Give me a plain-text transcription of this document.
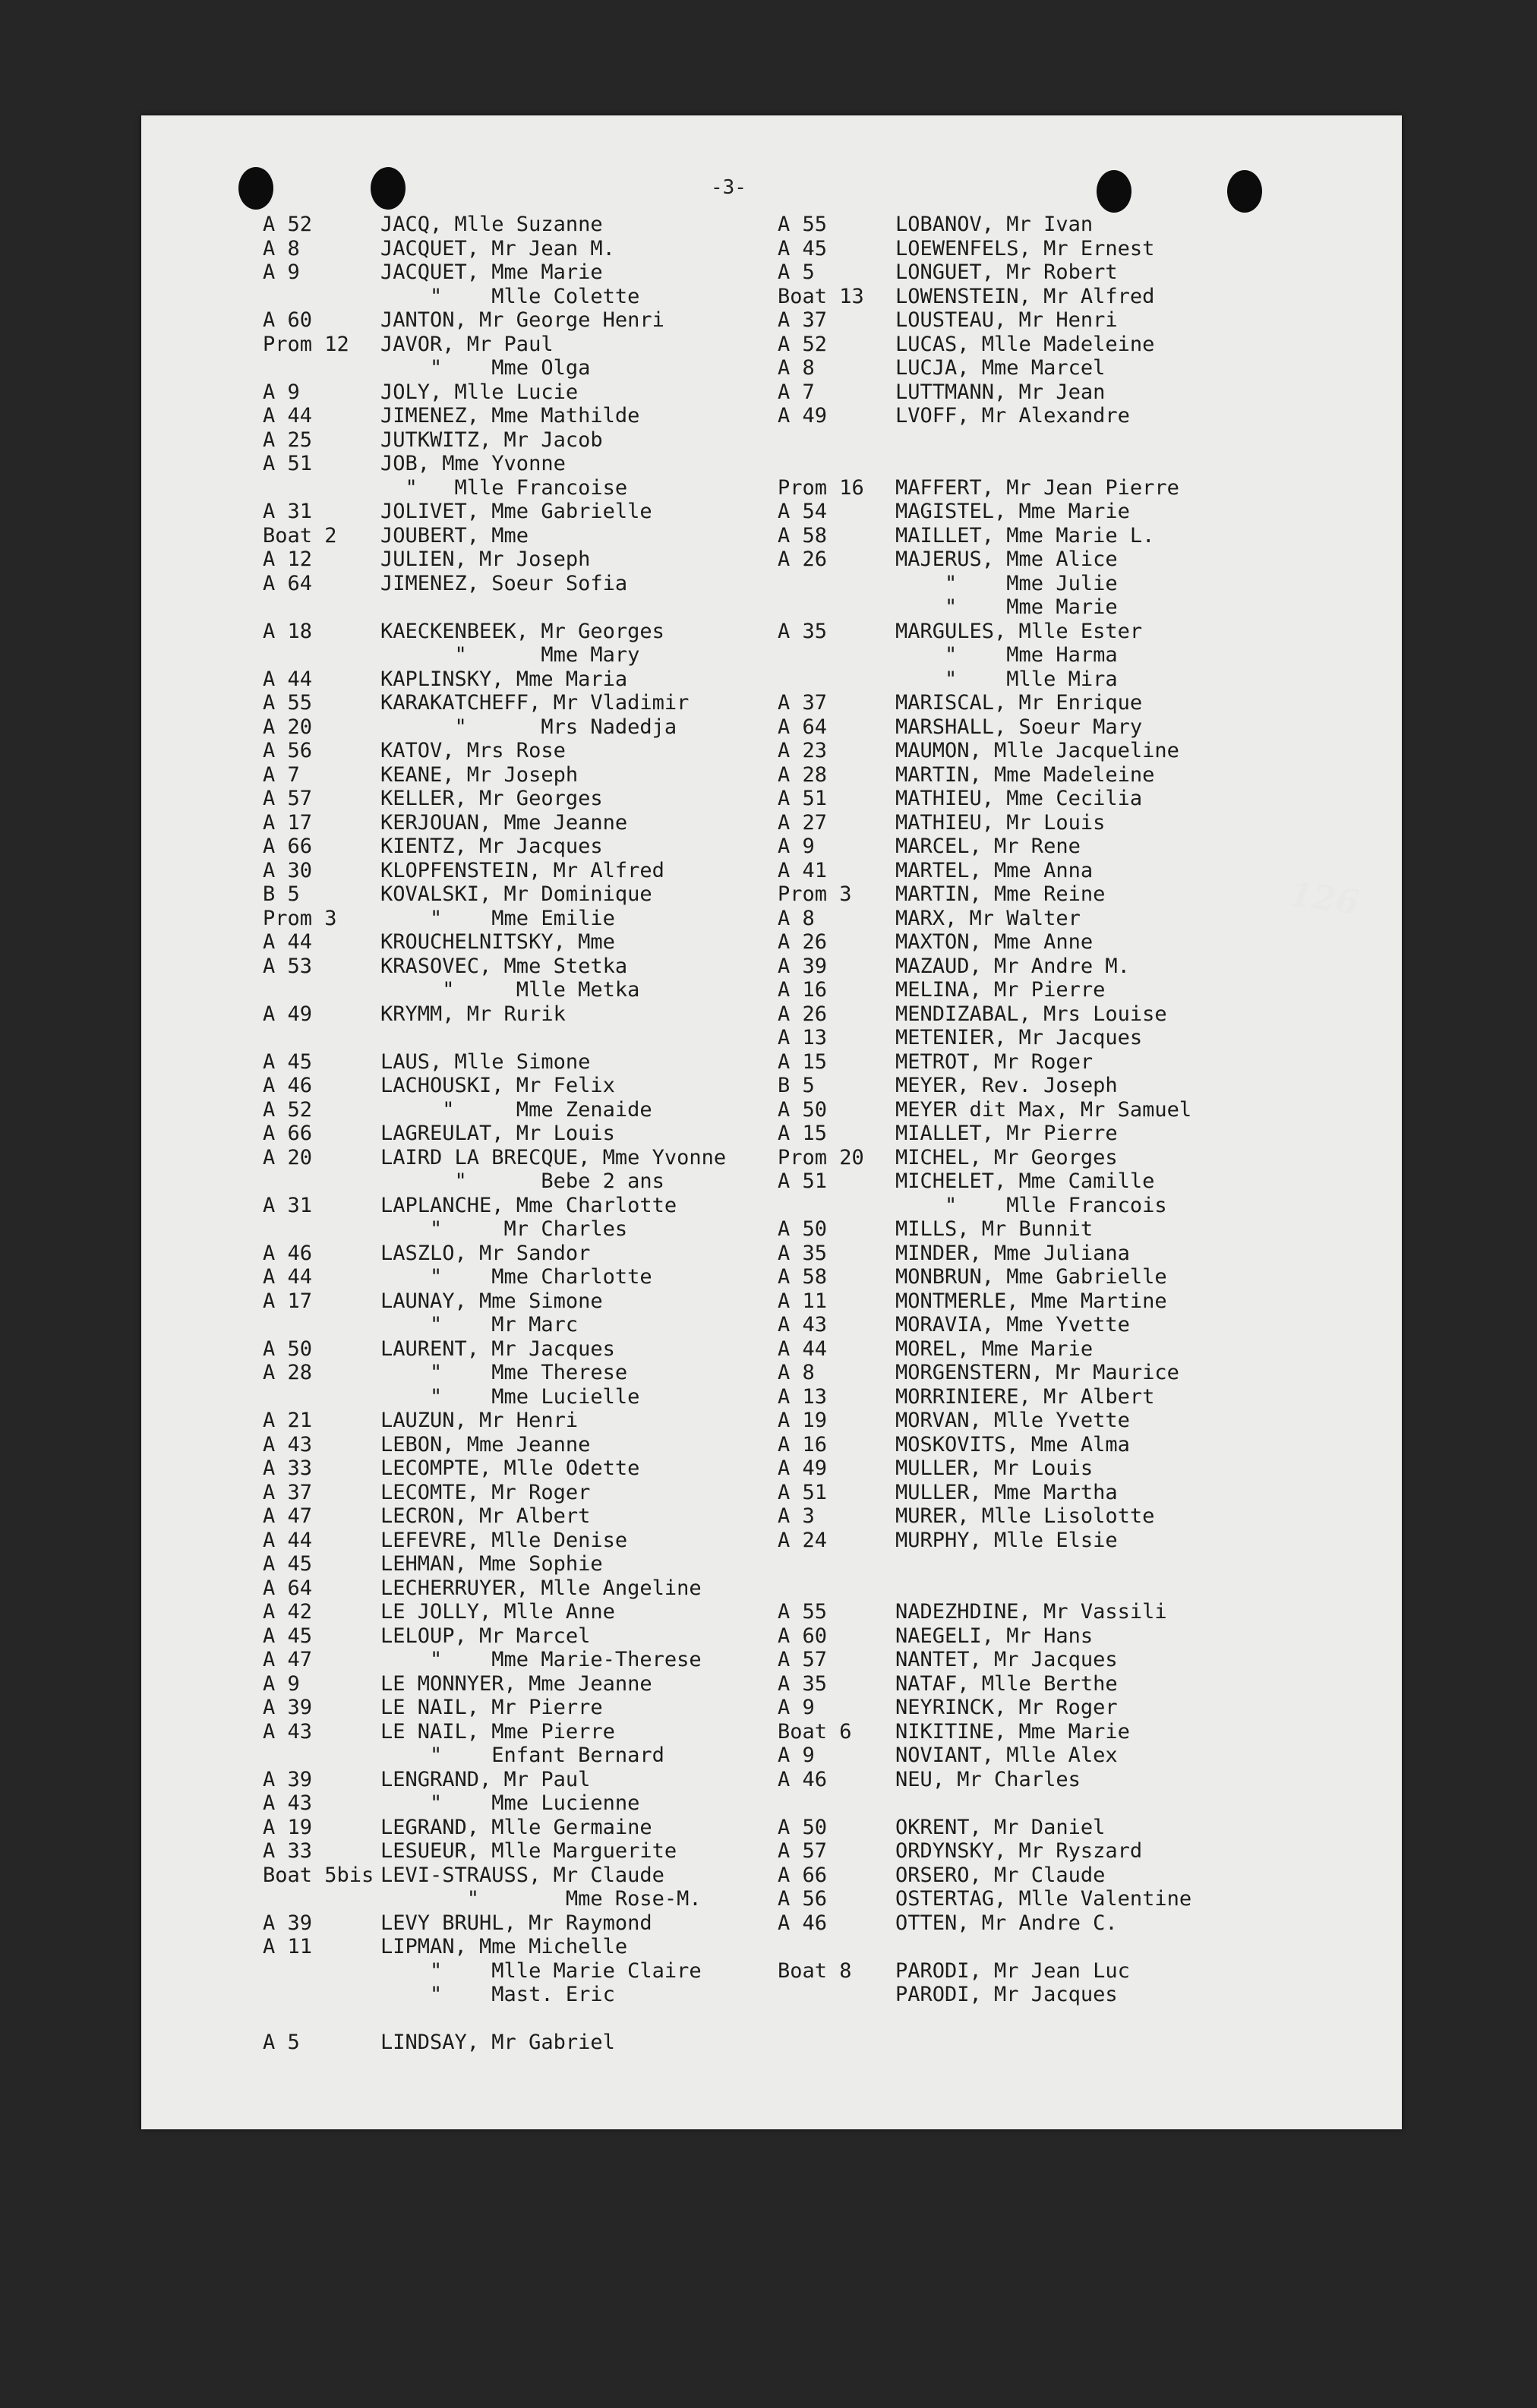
-3-
A 52	JACQ, Mlle Suzanne
A 8	JACQUET, Mr Jean M.
A 9	JACQUET, Mme Marie
"    Mlle Colette
A 60	JANTON, Mr George Henri
Prom 12	JAVOR, Mr Paul
"    Mme Olga
A 9	JOLY, Mlle Lucie
A 44	JIMENEZ, Mme Mathilde
A 25	JUTKWITZ, Mr Jacob
A 51	JOB, Mme Yvonne
"   Mlle Francoise
A 31	JOLIVET, Mme Gabrielle
Boat 2	JOUBERT, Mme
A 12	JULIEN, Mr Joseph
A 64	JIMENEZ, Soeur Sofia
A 18	KAECKENBEEK, Mr Georges
"      Mme Mary
A 44	KAPLINSKY, Mme Maria
A 55	KARAKATCHEFF, Mr Vladimir
A 20	"      Mrs Nadedja
A 56	KATOV, Mrs Rose
A 7	KEANE, Mr Joseph
A 57	KELLER, Mr Georges
A 17	KERJOUAN, Mme Jeanne
A 66	KIENTZ, Mr Jacques
A 30	KLOPFENSTEIN, Mr Alfred
B 5	KOVALSKI, Mr Dominique
Prom 3	"    Mme Emilie
A 44	KROUCHELNITSKY, Mme
A 53	KRASOVEC, Mme Stetka
"     Mlle Metka
A 49	KRYMM, Mr Rurik
A 45	LAUS, Mlle Simone
A 46	LACHOUSKI, Mr Felix
A 52	"     Mme Zenaide
A 66	LAGREULAT, Mr Louis
A 20	LAIRD LA BRECQUE, Mme Yvonne
"      Bebe 2 ans
A 31	LAPLANCHE, Mme Charlotte
"     Mr Charles
A 46	LASZLO, Mr Sandor
A 44	"    Mme Charlotte
A 17	LAUNAY, Mme Simone
"    Mr Marc
A 50	LAURENT, Mr Jacques
A 28	"    Mme Therese
"    Mme Lucielle
A 21	LAUZUN, Mr Henri
A 43	LEBON, Mme Jeanne
A 33	LECOMPTE, Mlle Odette
A 37	LECOMTE, Mr Roger
A 47	LECRON, Mr Albert
A 44	LEFEVRE, Mlle Denise
A 45	LEHMAN, Mme Sophie
A 64	LECHERRUYER, Mlle Angeline
A 42	LE JOLLY, Mlle Anne
A 45	LELOUP, Mr Marcel
A 47	"    Mme Marie-Therese
A 9	LE MONNYER, Mme Jeanne
A 39	LE NAIL, Mr Pierre
A 43	LE NAIL, Mme Pierre
"    Enfant Bernard
A 39	LENGRAND, Mr Paul
A 43	"    Mme Lucienne
A 19	LEGRAND, Mlle Germaine
A 33	LESUEUR, Mlle Marguerite
Boat 5bis LEVI-STRAUSS, Mr Claude
"       Mme Rose-M.
A 39	LEVY BRUHL, Mr Raymond
A 11	LIPMAN, Mme Michelle
"    Mlle Marie Claire
"    Mast. Eric
A 5	LINDSAY, Mr Gabriel
A 55	LOBANOV, Mr Ivan
A 45	LOEWENFELS, Mr Ernest
A 5	LONGUET, Mr Robert
Boat 13	LOWENSTEIN, Mr Alfred
A 37	LOUSTEAU, Mr Henri
A 52	LUCAS, Mlle Madeleine
A 8	LUCJA, Mme Marcel
A 7	LUTTMANN, Mr Jean
A 49	LVOFF, Mr Alexandre
Prom 16	MAFFERT, Mr Jean Pierre
A 54	MAGISTEL, Mme Marie
A 58	MAILLET, Mme Marie L.
A 26	MAJERUS, Mme Alice
"    Mme Julie
"    Mme Marie
A 35	MARGULES, Mlle Ester
"    Mme Harma
"    Mlle Mira
A 37	MARISCAL, Mr Enrique
A 64	MARSHALL, Soeur Mary
A 23	MAUMON, Mlle Jacqueline
A 28	MARTIN, Mme Madeleine
A 51	MATHIEU, Mme Cecilia
A 27	MATHIEU, Mr Louis
A 9	MARCEL, Mr Rene
A 41	MARTEL, Mme Anna
Prom 3	MARTIN, Mme Reine
A 8	MARX, Mr Walter
A 26	MAXTON, Mme Anne
A 39	MAZAUD, Mr Andre M.
A 16	MELINA, Mr Pierre
A 26	MENDIZABAL, Mrs Louise
A 13	METENIER, Mr Jacques
A 15	METROT, Mr Roger
B 5	MEYER, Rev. Joseph
A 50	MEYER dit Max, Mr Samuel
A 15	MIALLET, Mr Pierre
Prom 20	MICHEL, Mr Georges
A 51	MICHELET, Mme Camille
"    Mlle Francois
A 50	MILLS, Mr Bunnit
A 35	MINDER, Mme Juliana
A 58	MONBRUN, Mme Gabrielle
A 11	MONTMERLE, Mme Martine
A 43	MORAVIA, Mme Yvette
A 44	MOREL, Mme Marie
A 8	MORGENSTERN, Mr Maurice
A 13	MORRINIERE, Mr Albert
A 19	MORVAN, Mlle Yvette
A 16	MOSKOVITS, Mme Alma
A 49	MULLER, Mr Louis
A 51	MULLER, Mme Martha
A 3	MURER, Mlle Lisolotte
A 24	MURPHY, Mlle Elsie
A 55	NADEZHDINE, Mr Vassili
A 60	NAEGELI, Mr Hans
A 57	NANTET, Mr Jacques
A 35	NATAF, Mlle Berthe
A 9	NEYRINCK, Mr Roger
Boat 6	NIKITINE, Mme Marie
A 9	NOVIANT, Mlle Alex
A 46	NEU, Mr Charles
A 50	OKRENT, Mr Daniel
A 57	ORDYNSKY, Mr Ryszard
A 66	ORSERO, Mr Claude
A 56	OSTERTAG, Mlle Valentine
A 46	OTTEN, Mr Andre C.
Boat 8	PARODI, Mr Jean Luc
PARODI, Mr Jacques
126
